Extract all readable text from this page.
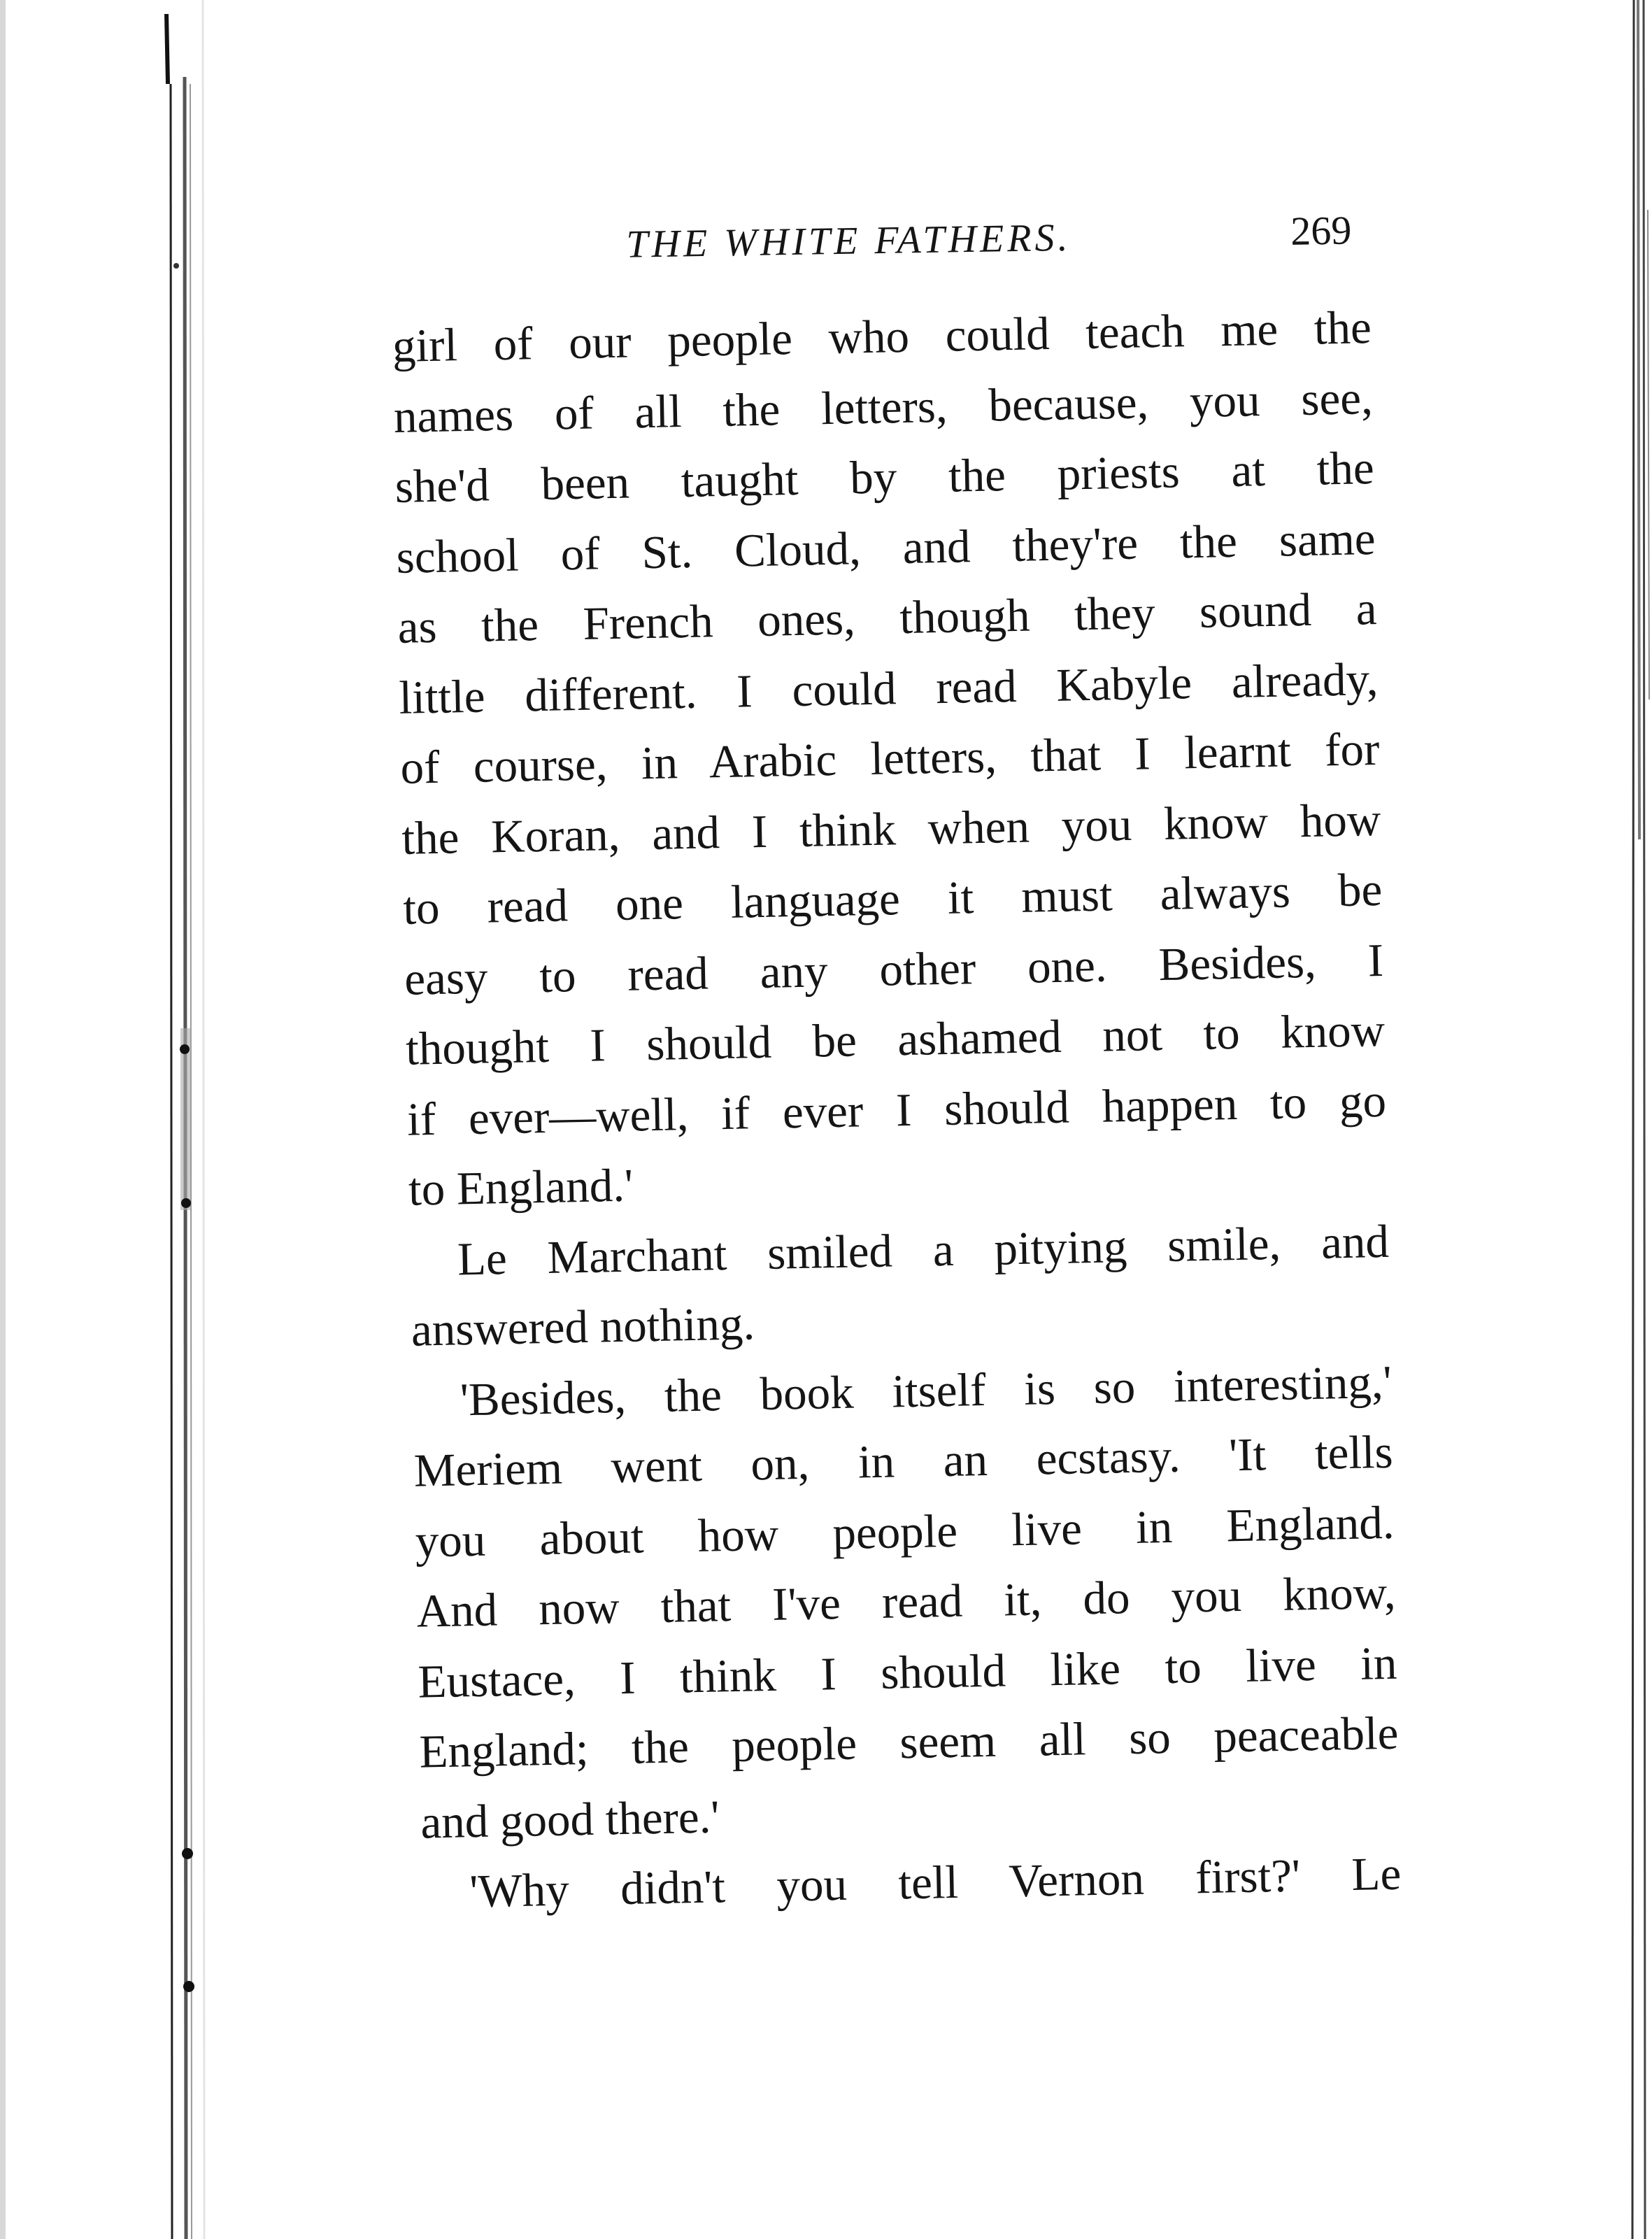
THE WHITE FATHERS.	269
girl of our people who could teach me the
names of all the letters, because, you see,
she'd been taught by the priests at the
school of St. Cloud, and they're the same
as the French ones, though they sound a
little different. I could read Kabyle already,
of course, in Arabic letters, that I learnt for
the Koran, and I think when you know how
to read one language it must always be
easy to read any other one. Besides, I
thought I should be ashamed not to know
if ever—well, if ever I should happen to go
to England.'
Le Marchant smiled a pitying smile, and
answered nothing.
'Besides, the book itself is so interesting,'
Meriem went on, in an ecstasy. 'It tells
you about how people live in England.
And now that I've read it, do you know,
Eustace, I think I should like to live in
England; the people seem all so peaceable
and good there.'
'Why didn't you tell Vernon first?' Le
